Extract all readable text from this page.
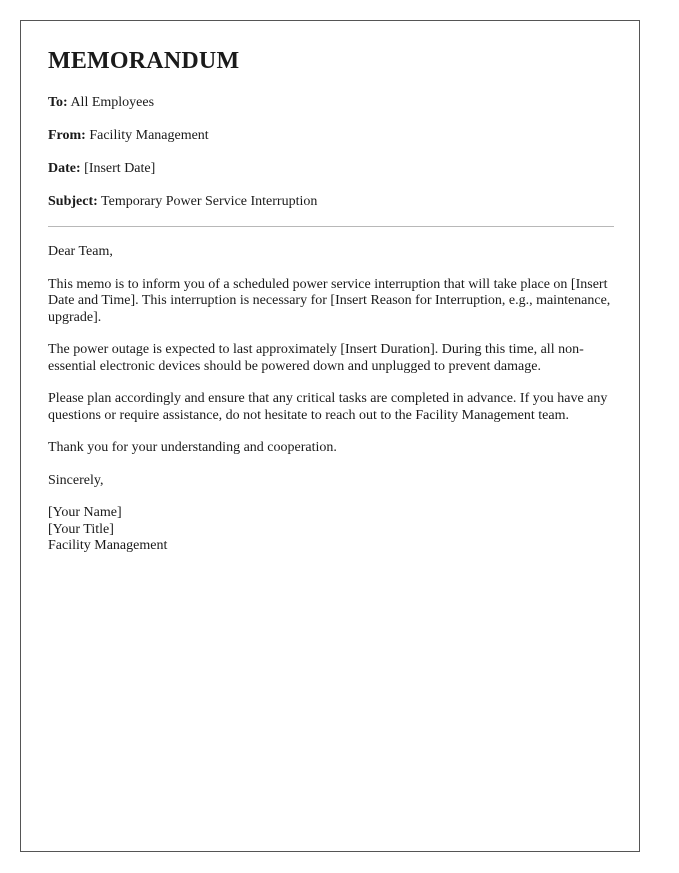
MEMORANDUM

To: All Employees

From: Facility Management

Date: [Insert Date]

Subject: Temporary Power Service Interruption

Dear Team,

This memo is to inform you of a scheduled power service interruption that will take place on [Insert Date and Time]. This interruption is necessary for [Insert Reason for Interruption, e.g., maintenance, upgrade].

The power outage is expected to last approximately [Insert Duration]. During this time, all non-essential electronic devices should be powered down and unplugged to prevent damage.

Please plan accordingly and ensure that any critical tasks are completed in advance. If you have any questions or require assistance, do not hesitate to reach out to the Facility Management team.

Thank you for your understanding and cooperation.

Sincerely,

[Your Name]
[Your Title]
Facility Management
